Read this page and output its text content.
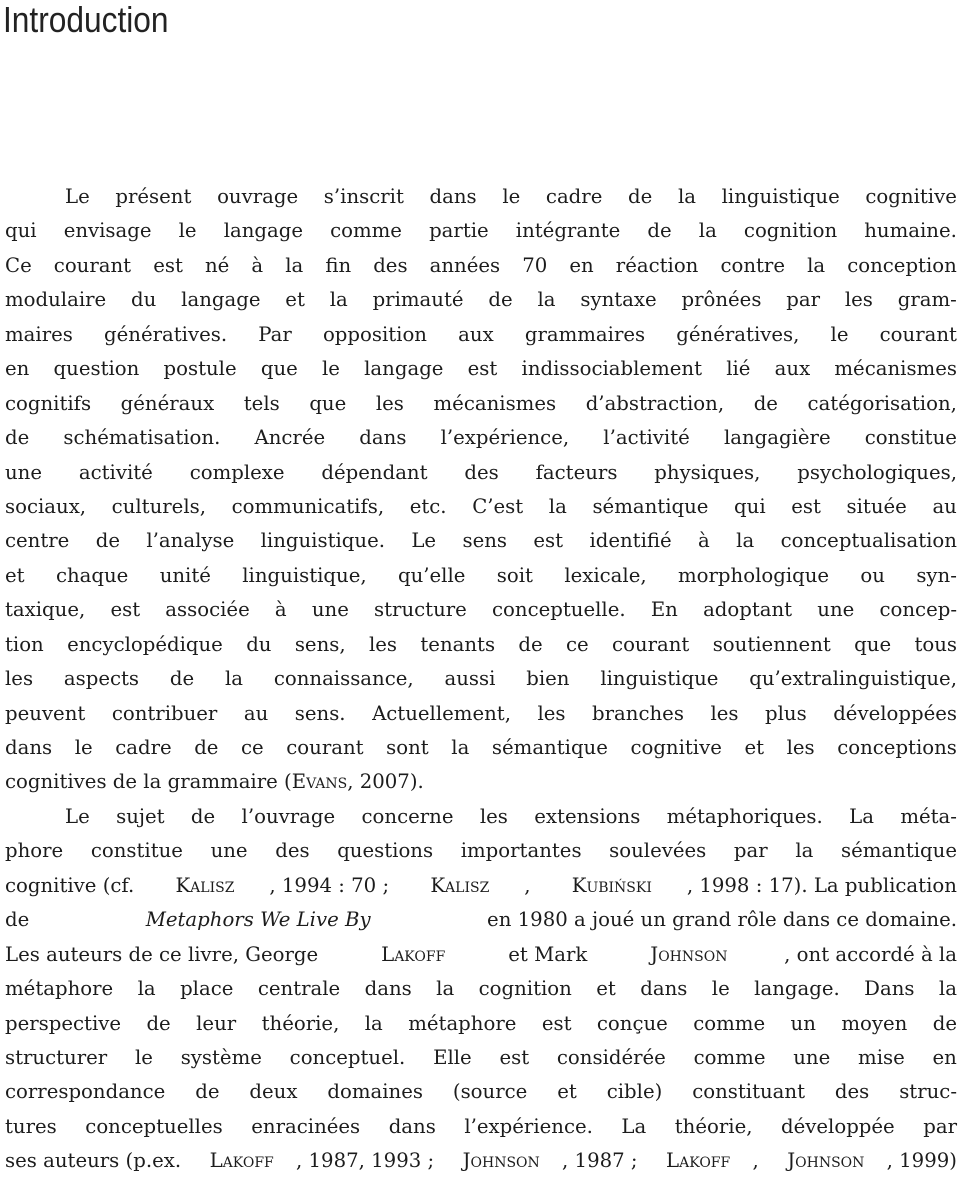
Introduction
Le présent ouvrage s’inscrit dans le cadre de la linguistique cognitive
qui envisage le langage comme partie intégrante de la cognition humaine.
Ce courant est né à la fin des années 70 en réaction contre la conception
modulaire du langage et la primauté de la syntaxe prônées par les gram-
maires génératives. Par opposition aux grammaires génératives, le courant
en question postule que le langage est indissociablement lié aux mécanismes
cognitifs généraux tels que les mécanismes d’abstraction, de catégorisation,
de schématisation. Ancrée dans l’expérience, l’activité langagière constitue
une activité complexe dépendant des facteurs physiques, psychologiques,
sociaux, culturels, communicatifs, etc. C’est la sémantique qui est située au
centre de l’analyse linguistique. Le sens est identifié à la conceptualisation
et chaque unité linguistique, qu’elle soit lexicale, morphologique ou syn-
taxique, est associée à une structure conceptuelle. En adoptant une concep-
tion encyclopédique du sens, les tenants de ce courant soutiennent que tous
les aspects de la connaissance, aussi bien linguistique qu’extralinguistique,
peuvent contribuer au sens. Actuellement, les branches les plus développées
dans le cadre de ce courant sont la sémantique cognitive et les conceptions
cognitives de la grammaire (Evans, 2007).
Le sujet de l’ouvrage concerne les extensions métaphoriques. La méta-
phore constitue une des questions importantes soulevées par la sémantique
cognitive (cf. Kalisz , 1994 : 70 ; Kalisz , Kubiński , 1998 : 17). La publication
de	Metaphors We Live By	en 1980 a joué un grand rôle dans ce domaine.
Les auteurs de ce livre, George	Lakoff	et Mark	Johnson	, ont accordé à la
métaphore la place centrale dans la cognition et dans le langage. Dans la
perspective de leur théorie, la métaphore est conçue comme un moyen de
structurer le système conceptuel. Elle est considérée comme une mise en
correspondance de deux domaines (source et cible) constituant des struc-
tures conceptuelles enracinées dans l’expérience. La théorie, développée par
ses auteurs (p.ex. Lakoff , 1987, 1993 ; Johnson , 1987 ; Lakoff , Johnson , 1999)
